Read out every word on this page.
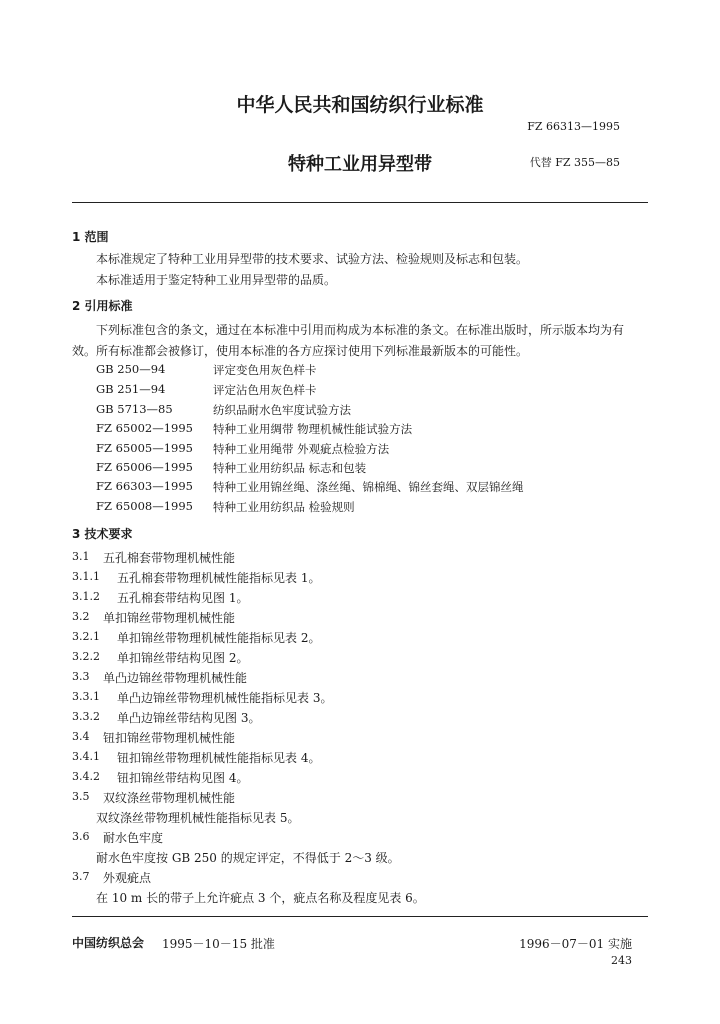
中华人民共和国纺织行业标准
FZ 66313—1995
特种工业用异型带	代替 FZ 355—85
1 范围
本标准规定了特种工业用异型带的技术要求、试验方法、检验规则及标志和包装。
本标准适用于鉴定特种工业用异型带的品质。
2 引用标准
下列标准包含的条文，通过在本标准中引用而构成为本标准的条文。在标准出版时，所示版本均为有
效。所有标准都会被修订，使用本标准的各方应探讨使用下列标准最新版本的可能性。
GB 250—94	评定变色用灰色样卡
GB 251—94	评定沾色用灰色样卡
GB 5713—85	纺织品耐水色牢度试验方法
FZ 65002—1995	特种工业用绸带 物理机械性能试验方法
FZ 65005—1995	特种工业用绳带 外观疵点检验方法
FZ 65006—1995	特种工业用纺织品 标志和包装
FZ 66303—1995	特种工业用锦丝绳、涤丝绳、锦棉绳、锦丝套绳、双层锦丝绳
FZ 65008—1995	特种工业用纺织品 检验规则
3 技术要求
3.1 五孔棉套带物理机械性能
3.1.1 五孔棉套带物理机械性能指标见表 1。
3.1.2 五孔棉套带结构见图 1。
3.2 单扣锦丝带物理机械性能
3.2.1 单扣锦丝带物理机械性能指标见表 2。
3.2.2 单扣锦丝带结构见图 2。
3.3 单凸边锦丝带物理机械性能
3.3.1 单凸边锦丝带物理机械性能指标见表 3。
3.3.2 单凸边锦丝带结构见图 3。
3.4 钮扣锦丝带物理机械性能
3.4.1 钮扣锦丝带物理机械性能指标见表 4。
3.4.2 钮扣锦丝带结构见图 4。
3.5 双纹涤丝带物理机械性能
双纹涤丝带物理机械性能指标见表 5。
3.6 耐水色牢度
耐水色牢度按 GB 250 的规定评定，不得低于 2～3 级。
3.7 外观疵点
在 10 m 长的带子上允许疵点 3 个，疵点名称及程度见表 6。
中国纺织总会 1995－10－15 批准	1996－07－01 实施
243
